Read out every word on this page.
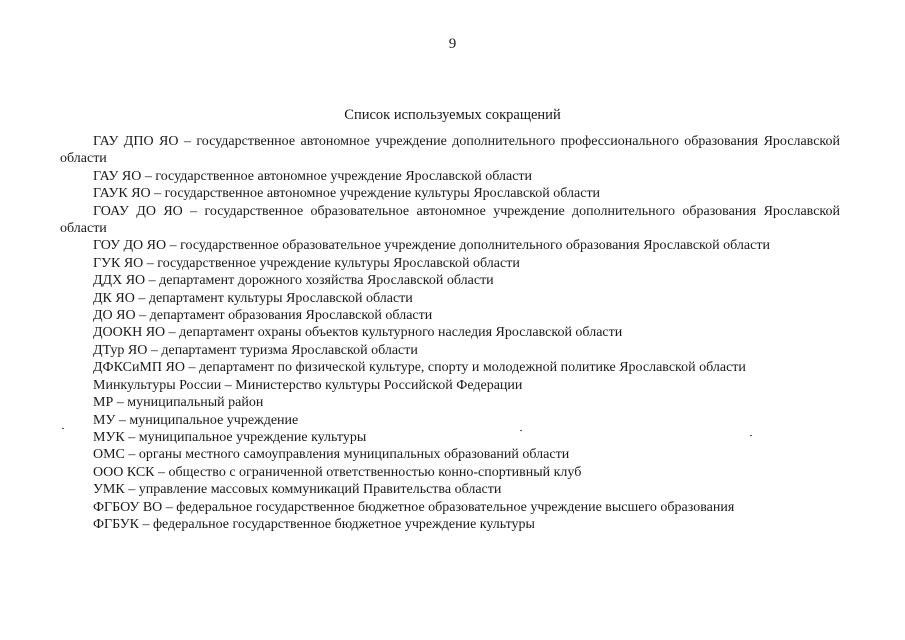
9
Список используемых сокращений
ГАУ ДПО ЯО – государственное автономное учреждение дополнительного профессионального образования Ярославской области
ГАУ ЯО – государственное автономное учреждение Ярославской области
ГАУК ЯО – государственное автономное учреждение культуры Ярославской области
ГОАУ ДО ЯО – государственное образовательное автономное учреждение дополнительного образования Ярославской области
ГОУ ДО ЯО – государственное образовательное учреждение дополнительного образования Ярославской области
ГУК ЯО – государственное учреждение культуры Ярославской области
ДДХ ЯО – департамент дорожного хозяйства Ярославской области
ДК ЯО – департамент культуры Ярославской области
ДО ЯО – департамент образования Ярославской области
ДООКН ЯО – департамент охраны объектов культурного наследия Ярославской области
ДТур ЯО – департамент туризма Ярославской области
ДФКСиМП ЯО – департамент по физической культуре, спорту и молодежной политике Ярославской области
Минкультуры России – Министерство культуры Российской Федерации
МР – муниципальный район
МУ – муниципальное учреждение
МУК – муниципальное учреждение культуры
ОМС – органы местного самоуправления муниципальных образований области
ООО КСК – общество с ограниченной ответственностью конно-спортивный клуб
УМК – управление массовых коммуникаций Правительства области
ФГБОУ ВО – федеральное государственное бюджетное образовательное учреждение высшего образования
ФГБУК – федеральное государственное бюджетное учреждение культуры
